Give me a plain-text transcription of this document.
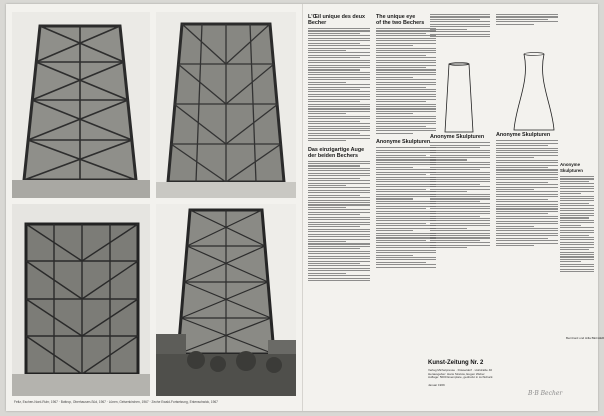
Feltz, Eschen-Nord-Ruhr, 1967 · Bottrop, Oberhausen-Süd, 1967 · Lünen, Gelsenkirchen, 1967 · Zeche Ewald-Fortsetzung, Erkenschwick, 1967
L'Œil unique des deux Becher
Das einzigartige Auge
der beiden Bechers
The unique eye
of the two Bechers
Anonyme Skulpturen
Anonyme Skulpturen	Anonyme Skulpturen
Anonyme Skulpturen
Bernhard und Hilla BECHER
Kunst-Zeitung Nr. 2
Verlag Michelpresse · Düsseldorf · Hofstraße 40
Herausgeber: Hans Strelow, Eugen Weber
Auflage: 5000 Exemplare, gedruckt in Lichtdruck
Januar 1969
B·B Becher
